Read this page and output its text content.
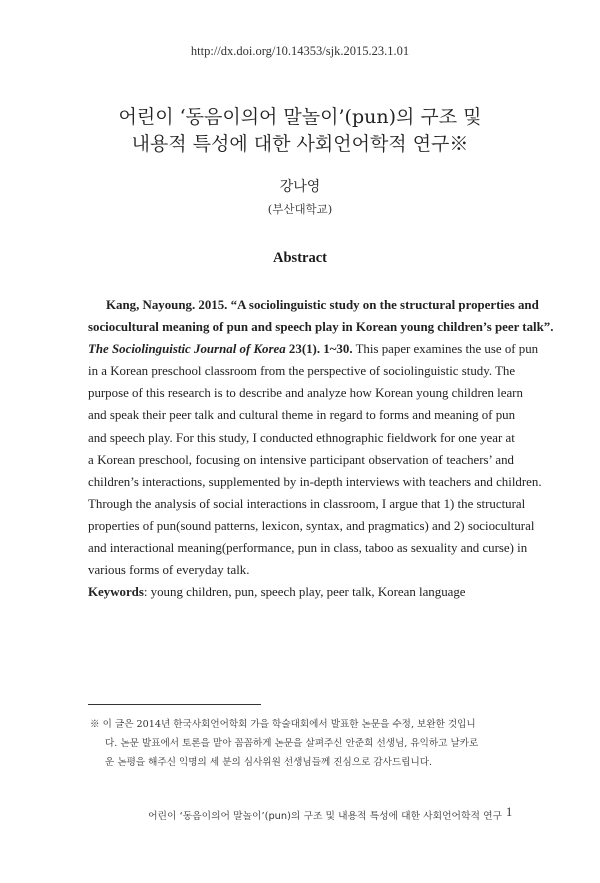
http://dx.doi.org/10.14353/sjk.2015.23.1.01
어린이 ‘동음이의어 말놀이’(pun)의 구조 및
내용적 특성에 대한 사회언어학적 연구※
강나영
(부산대학교)
Abstract
Kang, Nayoung. 2015. “A sociolinguistic study on the structural properties and
sociocultural meaning of pun and speech play in Korean young children’s peer talk”.
The Sociolinguistic Journal of Korea 23(1). 1~30. This paper examines the use of pun
in a Korean preschool classroom from the perspective of sociolinguistic study. The
purpose of this research is to describe and analyze how Korean young children learn
and speak their peer talk and cultural theme in regard to forms and meaning of pun
and speech play. For this study, I conducted ethnographic fieldwork for one year at
a Korean preschool, focusing on intensive participant observation of teachers’ and
children’s interactions, supplemented by in-depth interviews with teachers and children.
Through the analysis of social interactions in classroom, I argue that 1) the structural
properties of pun(sound patterns, lexicon, syntax, and pragmatics) and 2) sociocultural
and interactional meaning(performance, pun in class, taboo as sexuality and curse) in
various forms of everyday talk.
Keywords: young children, pun, speech play, peer talk, Korean language
※ 이 글은 2014년 한국사회언어학회 가을 학술대회에서 발표한 논문을 수정, 보완한 것입니
다. 논문 발표에서 토론을 맡아 꼼꼼하게 논문을 살펴주신 안준희 선생님, 유익하고 날카로
운 논평을 해주신 익명의 세 분의 심사위원 선생님들께 진심으로 감사드립니다.
어린이 ‘동음이의어 말놀이’(pun)의 구조 및 내용적 특성에 대한 사회언어학적 연구 1
